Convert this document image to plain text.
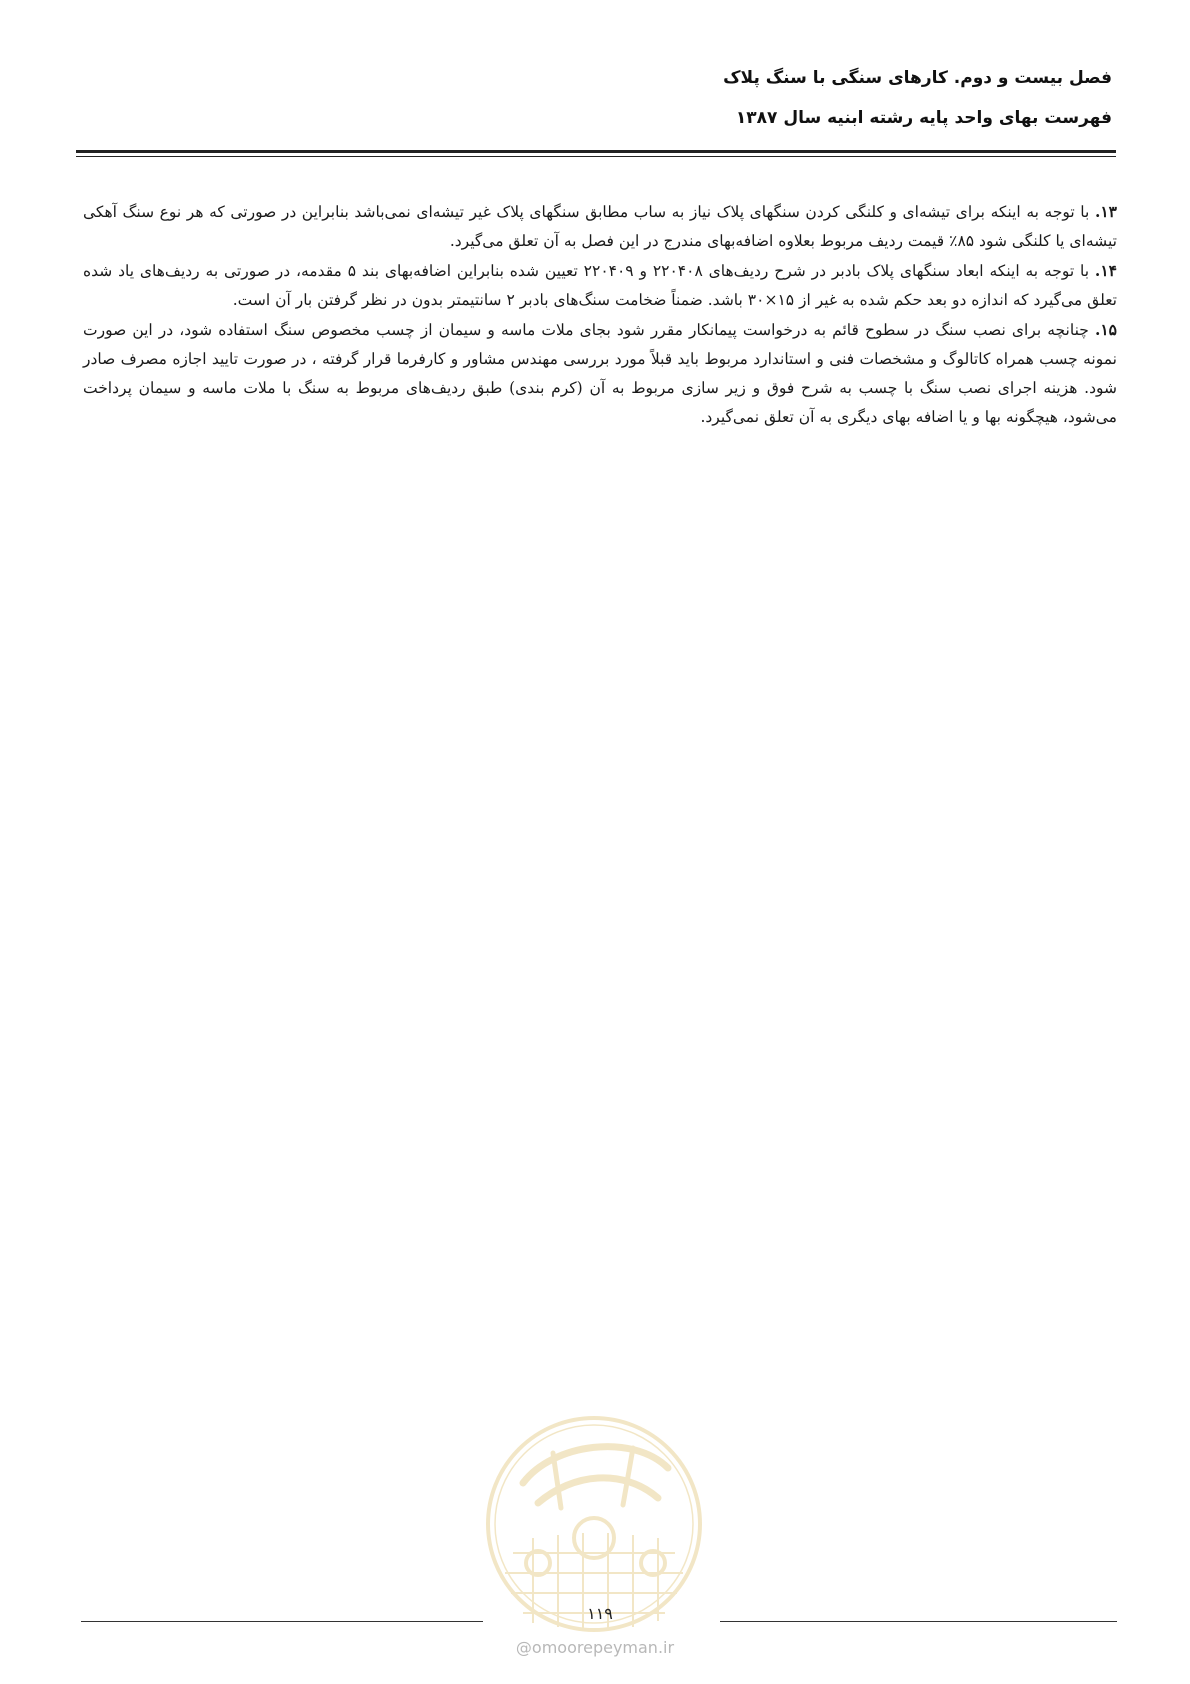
فصل بیست و دوم. کارهای سنگی با سنگ پلاک
فهرست بهای واحد پایه رشته ابنیه سال ۱۳۸۷

۱۳. با توجه به اینکه برای تیشه‌ای و کلنگی کردن سنگهای پلاک نیاز به ساب مطابق سنگهای پلاک غیر تیشه‌ای نمی‌باشد بنابراین در صورتی که هر نوع سنگ آهکی تیشه‌ای یا کلنگی شود ۸۵٪ قیمت ردیف مربوط بعلاوه اضافه‌بهای مندرج در این فصل به آن تعلق می‌گیرد.

۱۴. با توجه به اینکه ابعاد سنگهای پلاک بادبر در شرح ردیف‌های ۲۲۰۴۰۸ و ۲۲۰۴۰۹ تعیین شده بنابراین اضافه‌بهای بند ۵ مقدمه، در صورتی به ردیف‌های یاد شده تعلق می‌گیرد که اندازه دو بعد حکم شده به غیر از ۱۵×۳۰ باشد. ضمناً ضخامت سنگ‌های بادبر ۲ سانتیمتر بدون در نظر گرفتن بار آن است.

۱۵. چنانچه برای نصب سنگ در سطوح قائم به درخواست پیمانکار مقرر شود بجای ملات ماسه و سیمان از چسب مخصوص سنگ استفاده شود، در این صورت نمونه چسب همراه کاتالوگ و مشخصات فنی و استاندارد مربوط باید قبلاً مورد بررسی مهندس مشاور و کارفرما قرار گرفته ، در صورت تایید اجازه مصرف صادر شود. هزینه اجرای نصب سنگ با چسب به شرح فوق و زیر سازی مربوط به آن (کرم بندی) طبق ردیف‌های مربوط به سنگ با ملات ماسه و سیمان پرداخت می‌شود، هیچگونه بها و یا اضافه بهای دیگری به آن تعلق نمی‌گیرد.

۱۱۹
@omoorepeyman.ir
